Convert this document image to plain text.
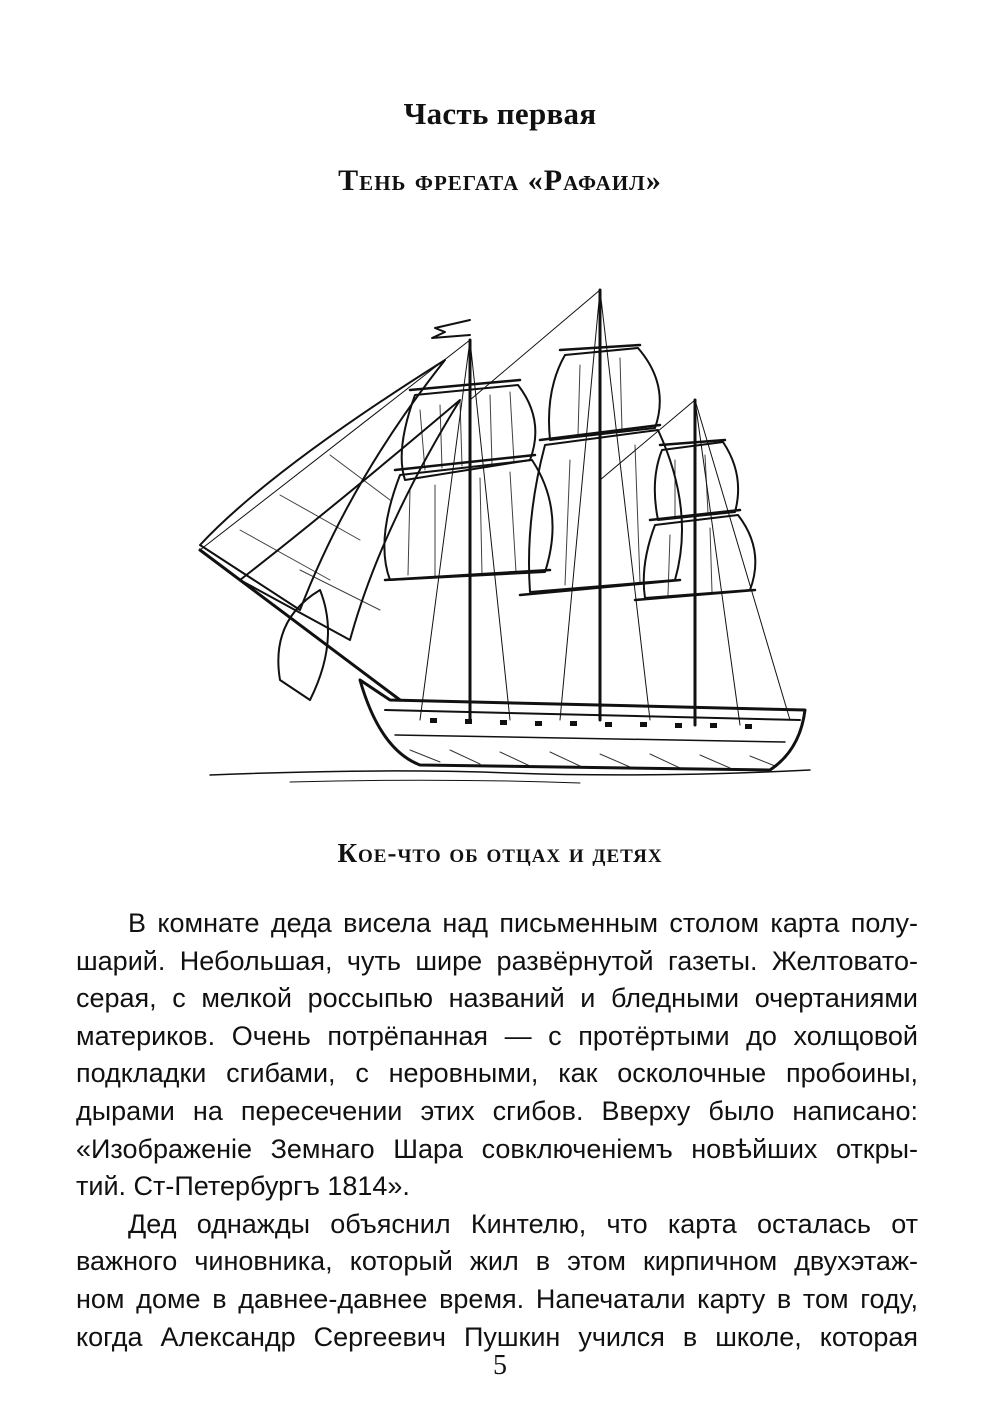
Часть первая
Тень фрегата «Рафаил»
Кое-что об отцах и детях

В комнате деда висела над письменным столом карта полу-
шарий. Небольшая, чуть шире развёрнутой газеты. Желтовато-
серая, с мелкой россыпью названий и бледными очертаниями
материков. Очень потрёпанная — с протёртыми до холщовой
подкладки сгибами, с неровными, как осколочные пробоины,
дырами на пересечении этих сгибов. Вверху было написано:
«Изображенiе Земнаго Шара совключенiемъ новѣйших откры-
тий. Ст-Петербургъ 1814».

Дед однажды объяснил Кинтелю, что карта осталась от
важного чиновника, который жил в этом кирпичном двухэтаж-
ном доме в давнее-давнее время. Напечатали карту в том году,
когда Александр Сергеевич Пушкин учился в школе, которая

5
